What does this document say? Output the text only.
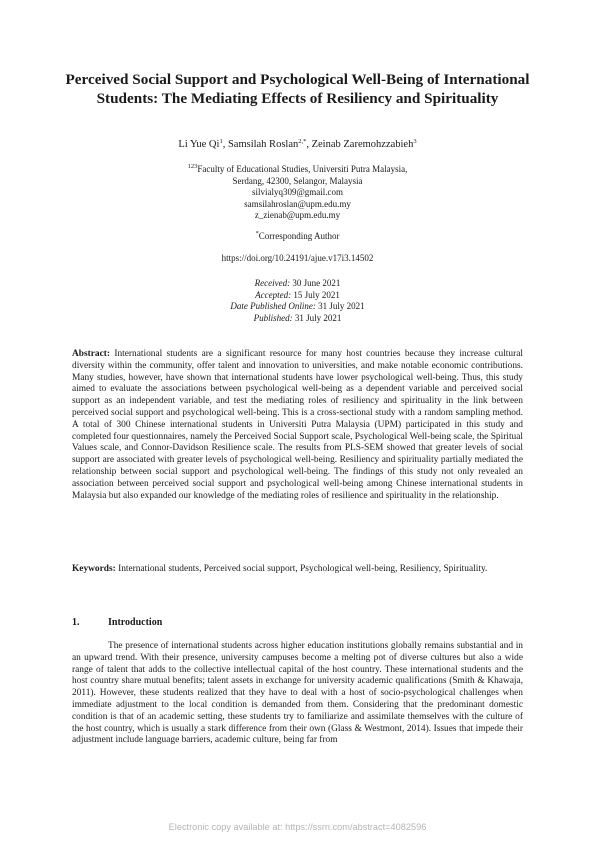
Perceived Social Support and Psychological Well-Being of International Students: The Mediating Effects of Resiliency and Spirituality
Li Yue Qi$^1$, Samsilah Roslan$^{2,*}$, Zeinab Zaremohzzabieh$^3$
$^{123}$Faculty of Educational Studies, Universiti Putra Malaysia,
Serdang, 42300, Selangor, Malaysia
silvialyq309@gmail.com
samsilahroslan@upm.edu.my
z_zienab@upm.edu.my
*Corresponding Author
https://doi.org/10.24191/ajue.v17i3.14502
Received: 30 June 2021
Accepted: 15 July 2021
Date Published Online: 31 July 2021
Published: 31 July 2021
Abstract: International students are a significant resource for many host countries because they increase cultural diversity within the community, offer talent and innovation to universities, and make notable economic contributions. Many studies, however, have shown that international students have lower psychological well-being. Thus, this study aimed to evaluate the associations between psychological well-being as a dependent variable and perceived social support as an independent variable, and test the mediating roles of resiliency and spirituality in the link between perceived social support and psychological well-being. This is a cross-sectional study with a random sampling method. A total of 300 Chinese international students in Universiti Putra Malaysia (UPM) participated in this study and completed four questionnaires, namely the Perceived Social Support scale, Psychological Well-being scale, the Spiritual Values scale, and Connor-Davidson Resilience scale. The results from PLS-SEM showed that greater levels of social support are associated with greater levels of psychological well-being. Resiliency and spirituality partially mediated the relationship between social support and psychological well-being. The findings of this study not only revealed an association between perceived social support and psychological well-being among Chinese international students in Malaysia but also expanded our knowledge of the mediating roles of resilience and spirituality in the relationship.
Keywords: International students, Perceived social support, Psychological well-being, Resiliency, Spirituality.
1.	Introduction
The presence of international students across higher education institutions globally remains substantial and in an upward trend. With their presence, university campuses become a melting pot of diverse cultures but also a wide range of talent that adds to the collective intellectual capital of the host country. These international students and the host country share mutual benefits; talent assets in exchange for university academic qualifications (Smith & Khawaja, 2011). However, these students realized that they have to deal with a host of socio-psychological challenges when immediate adjustment to the local condition is demanded from them. Considering that the predominant domestic condition is that of an academic setting, these students try to familiarize and assimilate themselves with the culture of the host country, which is usually a stark difference from their own (Glass & Westmont, 2014). Issues that impede their adjustment include language barriers, academic culture, being far from
Electronic copy available at: https://ssrn.com/abstract=4082596
